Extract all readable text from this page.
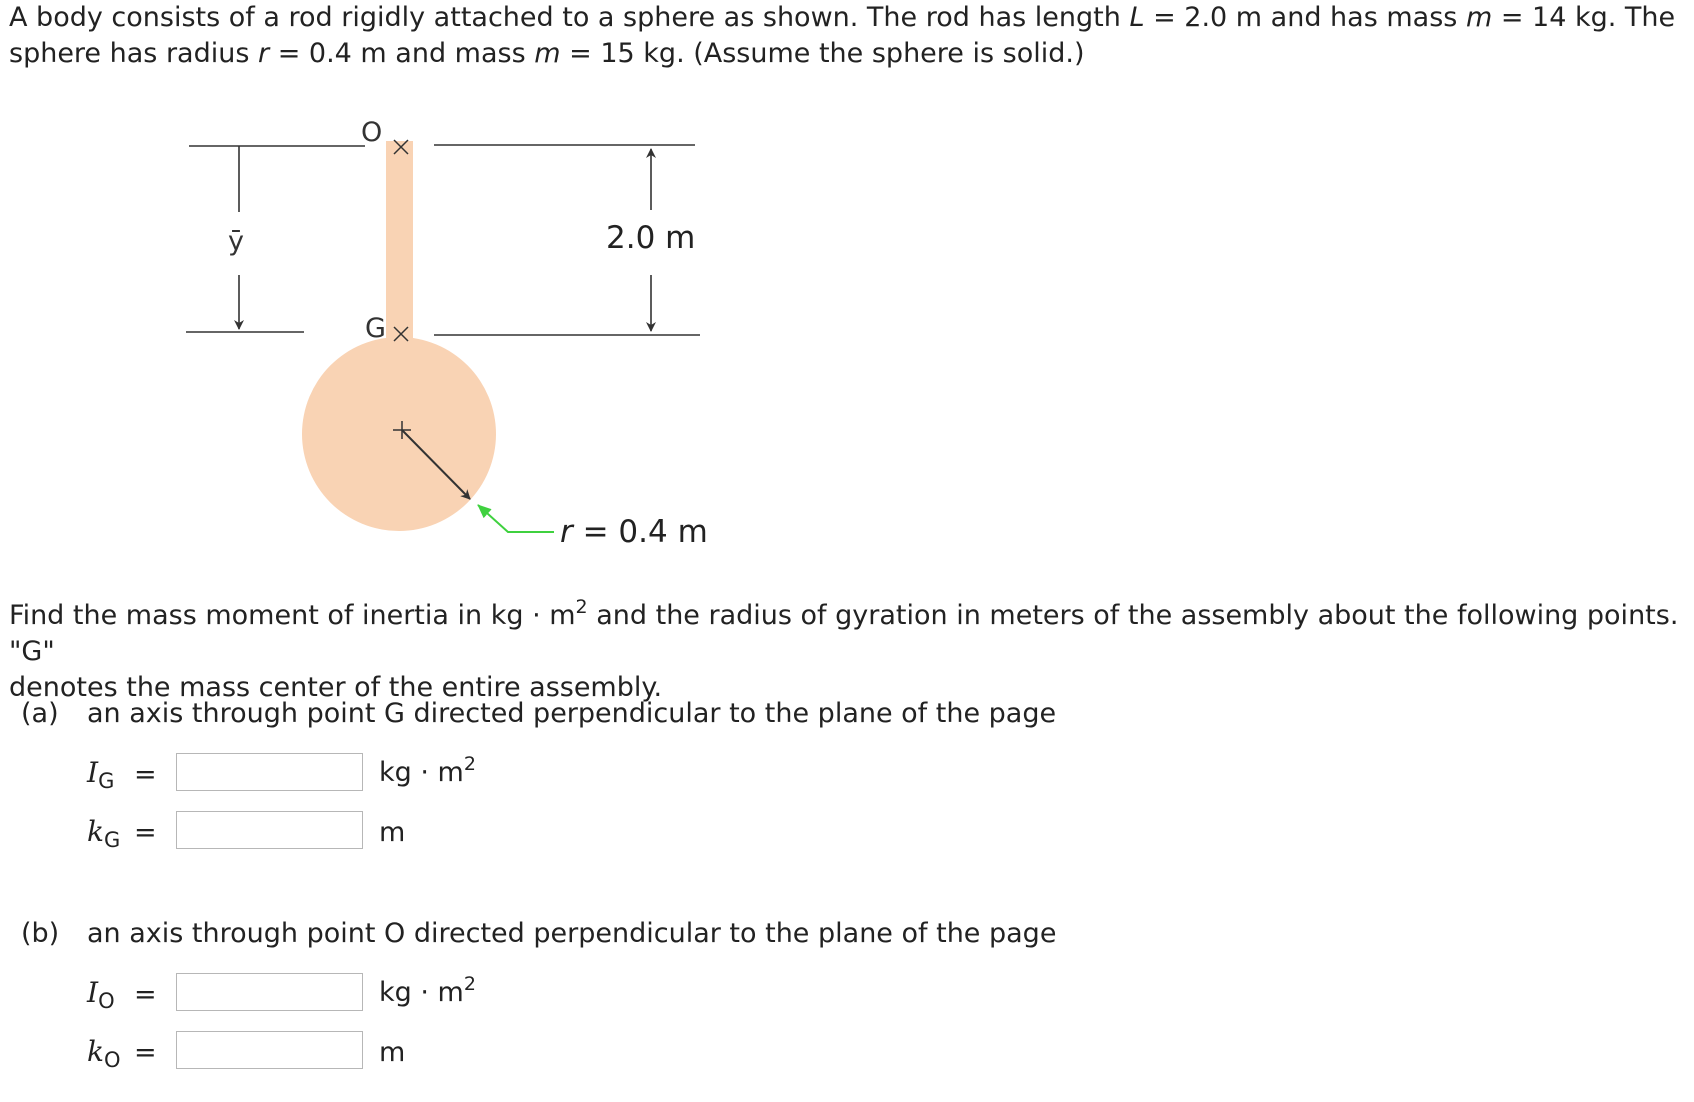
A body consists of a rod rigidly attached to a sphere as shown. The rod has length L = 2.0 m and has mass m = 14 kg. The
sphere has radius r = 0.4 m and mass m = 15 kg. (Assume the sphere is solid.)

O
G
ȳ	2.0 m
r = 0.4 m

Find the mass moment of inertia in kg · $m^2$ and the radius of gyration in meters of the assembly about the following points. "G"
denotes the mass center of the entire assembly.

(a) an axis through point G directed perpendicular to the plane of the page
$I_G$ =	kg · $m^2$
$k_G$ =	m
(b) an axis through point O directed perpendicular to the plane of the page
$I_O$ =	kg · $m^2$
$k_O$ =	m
